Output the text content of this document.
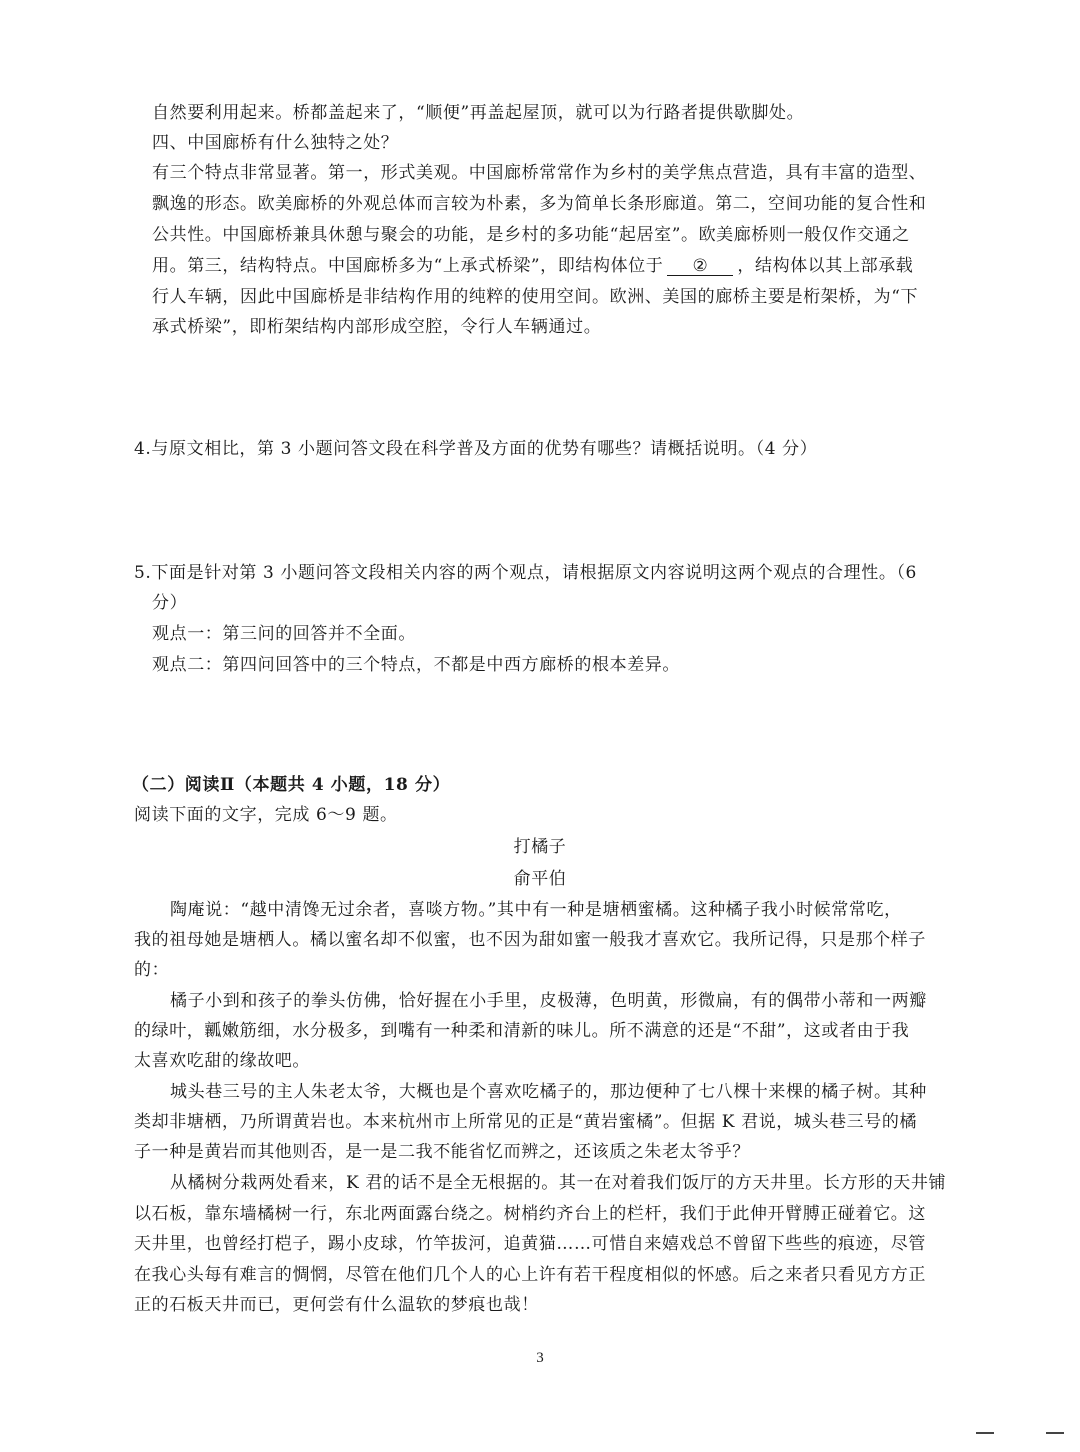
自然要利用起来。桥都盖起来了，“顺便”再盖起屋顶，就可以为行路者提供歇脚处。
四、中国廊桥有什么独特之处？
有三个特点非常显著。第一，形式美观。中国廊桥常常作为乡村的美学焦点营造，具有丰富的造型、
飘逸的形态。欧美廊桥的外观总体而言较为朴素，多为简单长条形廊道。第二，空间功能的复合性和
公共性。中国廊桥兼具休憩与聚会的功能，是乡村的多功能“起居室”。欧美廊桥则一般仅作交通之
用。第三，结构特点。中国廊桥多为“上承式桥梁”，即结构体位于 ② ，结构体以其上部承载
行人车辆，因此中国廊桥是非结构作用的纯粹的使用空间。欧洲、美国的廊桥主要是桁架桥，为“下
承式桥梁”，即桁架结构内部形成空腔，令行人车辆通过。
4.与原文相比，第 3 小题问答文段在科学普及方面的优势有哪些？请概括说明。（4 分）
5.下面是针对第 3 小题问答文段相关内容的两个观点，请根据原文内容说明这两个观点的合理性。（6
分）
观点一：第三问的回答并不全面。
观点二：第四问回答中的三个特点，不都是中西方廊桥的根本差异。
（二）阅读Ⅱ（本题共 4 小题，18 分）
阅读下面的文字，完成 6～9 题。
打橘子
俞平伯
陶庵说：“越中清馋无过余者，喜啖方物。”其中有一种是塘栖蜜橘。这种橘子我小时候常常吃，
我的祖母她是塘栖人。橘以蜜名却不似蜜，也不因为甜如蜜一般我才喜欢它。我所记得，只是那个样子
的：
橘子小到和孩子的拳头仿佛，恰好握在小手里，皮极薄，色明黄，形微扁，有的偶带小蒂和一两瓣
的绿叶，瓤嫩筋细，水分极多，到嘴有一种柔和清新的味儿。所不满意的还是“不甜”，这或者由于我
太喜欢吃甜的缘故吧。
城头巷三号的主人朱老太爷，大概也是个喜欢吃橘子的，那边便种了七八棵十来棵的橘子树。其种
类却非塘栖，乃所谓黄岩也。本来杭州市上所常见的正是“黄岩蜜橘”。但据 K 君说，城头巷三号的橘
子一种是黄岩而其他则否，是一是二我不能省忆而辨之，还该质之朱老太爷乎？
从橘树分栽两处看来，K 君的话不是全无根据的。其一在对着我们饭厅的方天井里。长方形的天井铺
以石板，靠东墙橘树一行，东北两面露台绕之。树梢约齐台上的栏杆，我们于此伸开臂膊正碰着它。这
天井里，也曾经打桤子，踢小皮球，竹竿拔河，追黄猫……可惜自来嬉戏总不曾留下些些的痕迹，尽管
在我心头每有难言的惆惘，尽管在他们几个人的心上许有若干程度相似的怀感。后之来者只看见方方正
正的石板天井而已，更何尝有什么温软的梦痕也哉！
3
